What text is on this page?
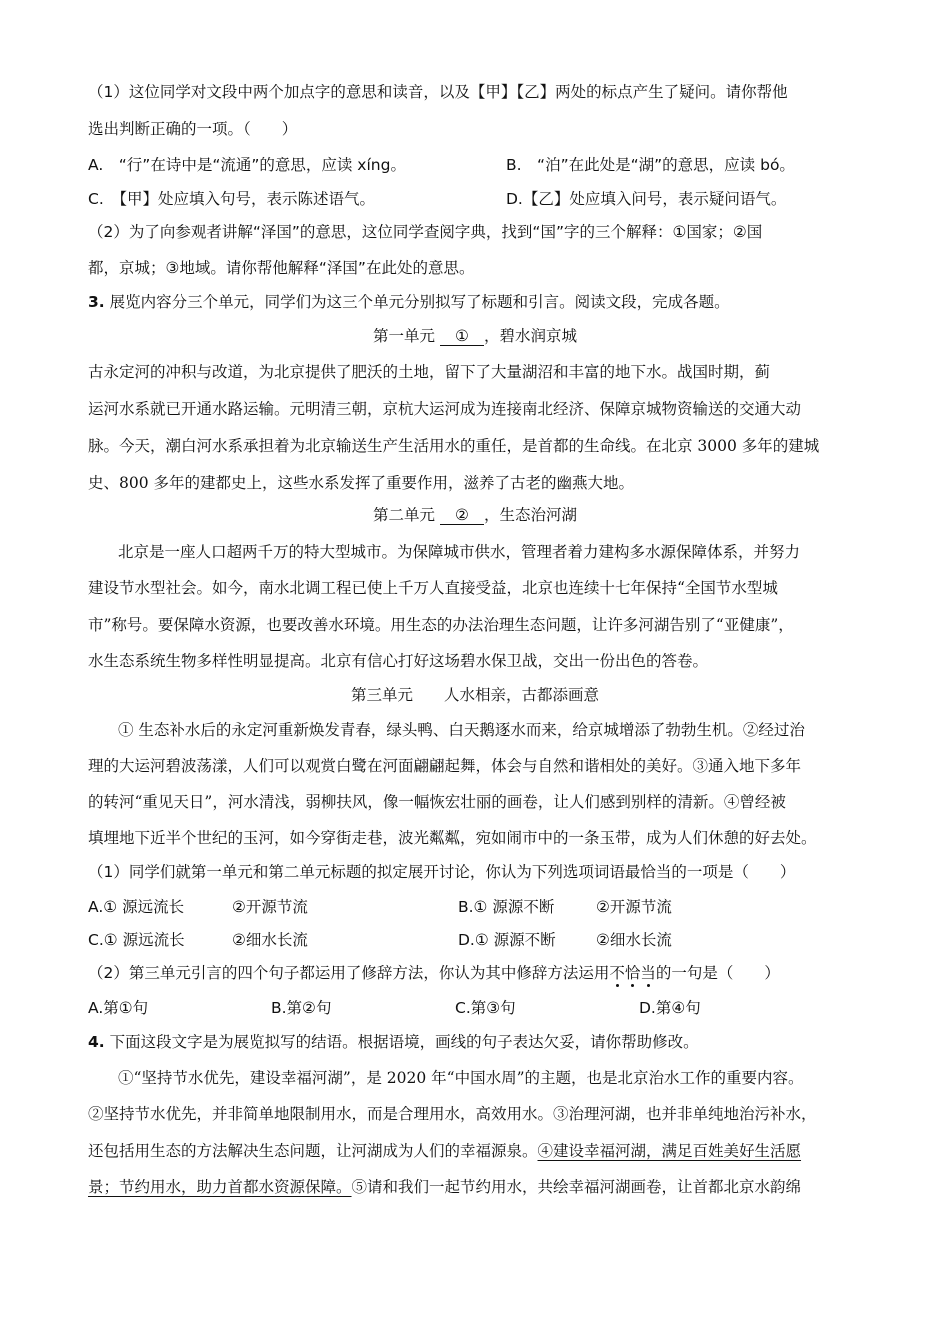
（1）这位同学对文段中两个加点字的意思和读音，以及【甲】【乙】两处的标点产生了疑问。请你帮他
选出判断正确的一项。（　　）
A.　“行”在诗中是“流通”的意思，应读 xíng。	B.　“泊”在此处是“湖”的意思，应读 bó。
C.　【甲】处应填入句号，表示陈述语气。	D.【乙】处应填入问号，表示疑问语气。
（2）为了向参观者讲解“泽国”的意思，这位同学查阅字典，找到“国”字的三个解释：①国家；②国
都，京城；③地域。请你帮他解释“泽国”在此处的意思。
3. 展览内容分三个单元，同学们为这三个单元分别拟写了标题和引言。阅读文段，完成各题。
第一单元 ① ，碧水润京城
古永定河的冲积与改道，为北京提供了肥沃的土地，留下了大量湖沼和丰富的地下水。战国时期，蓟
运河水系就已开通水路运输。元明清三朝，京杭大运河成为连接南北经济、保障京城物资输送的交通大动
脉。今天，潮白河水系承担着为北京输送生产生活用水的重任，是首都的生命线。在北京 3000 多年的建城
史、800 多年的建都史上，这些水系发挥了重要作用，滋养了古老的幽燕大地。
第二单元 ② ，生态治河湖
北京是一座人口超两千万的特大型城市。为保障城市供水，管理者着力建构多水源保障体系，并努力
建设节水型社会。如今，南水北调工程已使上千万人直接受益，北京也连续十七年保持“全国节水型城
市”称号。要保障水资源，也要改善水环境。用生态的办法治理生态问题，让许多河湖告别了“亚健康”，
水生态系统生物多样性明显提高。北京有信心打好这场碧水保卫战，交出一份出色的答卷。
第三单元　　人水相亲，古都添画意
① 生态补水后的永定河重新焕发青春，绿头鸭、白天鹅逐水而来，给京城增添了勃勃生机。②经过治
理的大运河碧波荡漾，人们可以观赏白鹭在河面翩翩起舞，体会与自然和谐相处的美好。③通入地下多年
的转河“重见天日”，河水清浅，弱柳扶风，像一幅恢宏壮丽的画卷，让人们感到别样的清新。④曾经被
填埋地下近半个世纪的玉河，如今穿街走巷，波光粼粼，宛如闹市中的一条玉带，成为人们休憩的好去处。
（1）同学们就第一单元和第二单元标题的拟定展开讨论，你认为下列选项词语最恰当的一项是（　　）
A.① 源远流长	②开源节流	B.① 源源不断	②开源节流
C.① 源远流长	②细水长流	D.① 源源不断	②细水长流
（2）第三单元引言的四个句子都运用了修辞方法，你认为其中修辞方法运用不恰当的一句是（　　）
A.第①句	B.第②句	C.第③句	D.第④句
4. 下面这段文字是为展览拟写的结语。根据语境，画线的句子表达欠妥，请你帮助修改。
①“坚持节水优先，建设幸福河湖”，是 2020 年“中国水周”的主题，也是北京治水工作的重要内容。
②坚持节水优先，并非简单地限制用水，而是合理用水，高效用水。③治理河湖，也并非单纯地治污补水，
还包括用生态的方法解决生态问题，让河湖成为人们的幸福源泉。④建设幸福河湖，满足百姓美好生活愿
景；节约用水，助力首都水资源保障。⑤请和我们一起节约用水，共绘幸福河湖画卷，让首都北京水韵绵
